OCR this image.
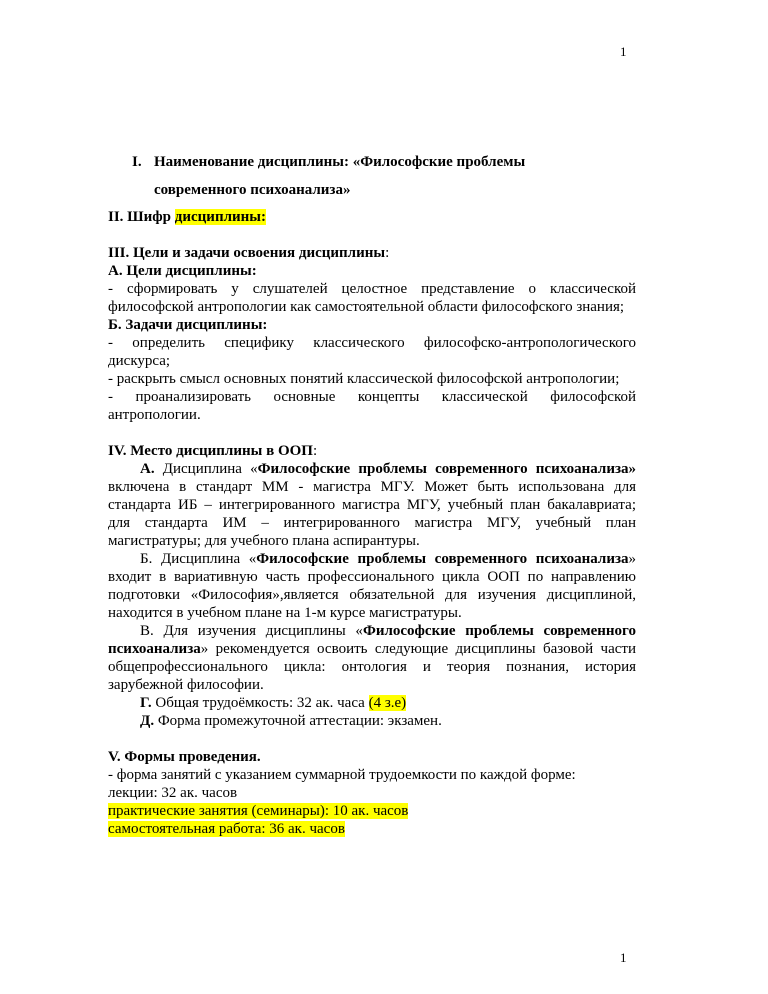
1
I. Наименование дисциплины: «Философские проблемы
современного психоанализа»

II. Шифр дисциплины:

III. Цели и задачи освоения дисциплины:

А. Цели дисциплины:

- сформировать у слушателей целостное представление о классической философской антропологии как самостоятельной области философского знания;

Б. Задачи дисциплины:

- определить специфику классического философско-антропологического дискурса;

- раскрыть смысл основных понятий классической философской антропологии;

- проанализировать основные концепты классической философской антропологии.

IV. Место дисциплины в ООП:

А. Дисциплина «Философские проблемы современного психоанализа» включена в стандарт ММ - магистра МГУ. Может быть использована для стандарта ИБ – интегрированного магистра МГУ, учебный план бакалавриата; для стандарта ИМ – интегрированного магистра МГУ, учебный план магистратуры; для учебного плана аспирантуры.

Б. Дисциплина «Философские проблемы современного психоанализа» входит в вариативную часть профессионального цикла ООП по направлению подготовки «Философия»,является обязательной для изучения дисциплиной, находится в учебном плане на 1-м курсе магистратуры.

В. Для изучения дисциплины «Философские проблемы современного психоанализа» рекомендуется освоить следующие дисциплины базовой части общепрофессионального цикла: онтология и теория познания, история зарубежной философии.

Г. Общая трудоёмкость: 32 ак. часа (4 з.е)

Д. Форма промежуточной аттестации: экзамен.

V. Формы проведения.

- форма занятий с указанием суммарной трудоемкости по каждой форме:

лекции: 32 ак. часов

практические занятия (семинары): 10 ак. часов

самостоятельная работа: 36 ак. часов

1
